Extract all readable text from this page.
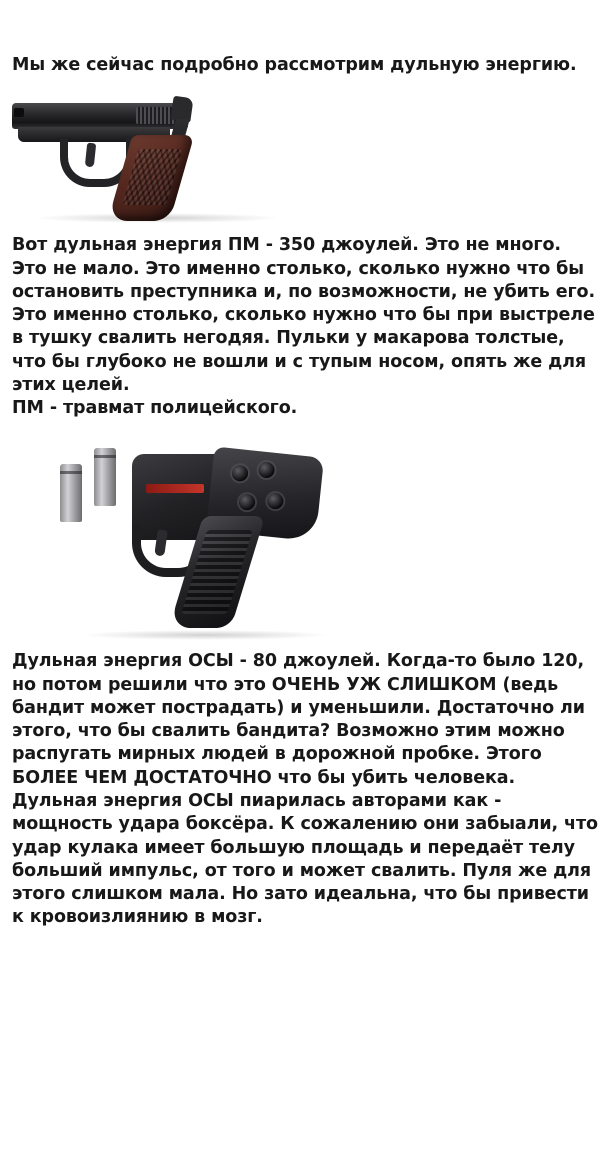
Мы же сейчас подробно рассмотрим дульную энергию.

Вот дульная энергия ПМ - 350 джоулей. Это не много. Это не мало. Это именно столько, сколько нужно что бы остановить преступника и, по возможности, не убить его.

Это именно столько, сколько нужно что бы при выстреле в тушку свалить негодяя. Пульки у макарова толстые, что бы глубоко не вошли и с тупым носом, опять же для этих целей.

ПМ - травмат полицейского.

Дульная энергия ОСЫ - 80 джоулей. Когда-то было 120, но потом решили что это ОЧЕНЬ УЖ СЛИШКОМ (ведь бандит может пострадать) и уменьшили. Достаточно ли этого, что бы свалить бандита? Возможно этим можно распугать мирных людей в дорожной пробке. Этого БОЛЕЕ ЧЕМ ДОСТАТОЧНО что бы убить человека. Дульная энергия ОСЫ пиарилась авторами как - мощность удара боксёра. К сожалению они забыали, что удар кулака имеет большую площадь и передаёт телу больший импульс, от того и может свалить. Пуля же для этого слишком мала. Но зато идеальна, что бы привести к кровоизлиянию в мозг.
